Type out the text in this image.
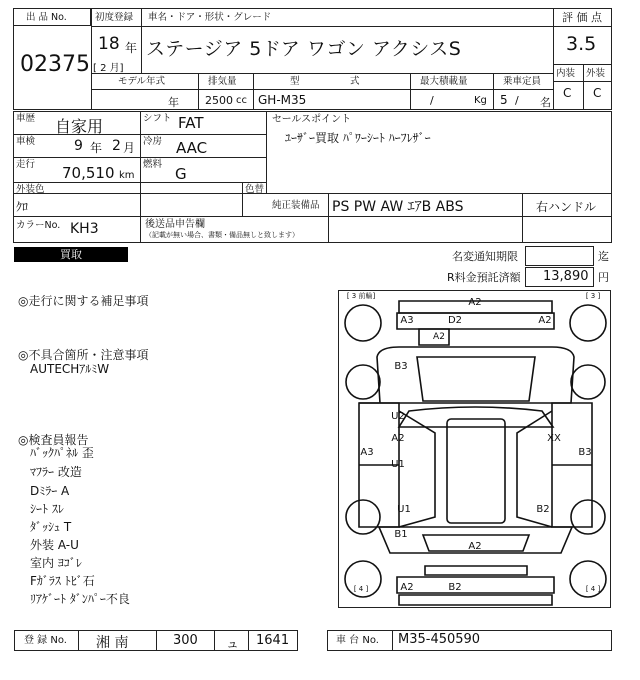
出 品 No.
02375
初度登録
18 年
[ 2 月]
車名・ドア・形状・グレード
ステージア 5ドア ワゴン アクシスS
評 価 点
3.5
内装 外装
C C
モデル年式	排気量	型	式	最大積載量	乗車定員
年 2500 cc GH-M35	/	Kg 5 / 名
車歴 自家用
車検	9 年 2 月
走行 70,510 km
シフト FAT
冷房 AAC
燃料
G
セールスポイント
ﾕｰｻﾞｰ買取 ﾊﾟﾜｰｼｰﾄ ﾊｰﾌﾚｻﾞｰ
外装色
ｸﾛ
色替
純正装備品 PS PW AW ｴｱB ABS	右ハンドル
カラーNo. KH3	後送品申告欄
（記載が無い場合、書類・備品無しと致します）
買取	名変通知期限	迄
R料金預託済額 13,890 円
◎走行に関する補足事項
◎不具合箇所・注意事項
AUTECHｱﾙﾐW
◎検査員報告
ﾊﾞｯｸﾊﾟﾈﾙ 歪
ﾏﾌﾗｰ 改造
Dﾐﾗｰ A
ｼｰﾄ ｽﾚ
ﾀﾞｯｼｭ T
外装 A-U
室内 ﾖｺﾞﾚ
Fｶﾞﾗｽ ﾄﾋﾞ石
ﾘｱｹﾞｰﾄ ﾀﾞﾝﾊﾟｰ不良
[ 3 前輪]	[ 3 ]
[ 4 ]	[ 4 ]
A2
A3	D2	A2
A2
B3
U2
A2
A3
U1
XX
B3
U1
B1
B2
A2
A2	B2
登 録 No. 湘 南	300 ュ 1641	車 台 No. M35-450590
